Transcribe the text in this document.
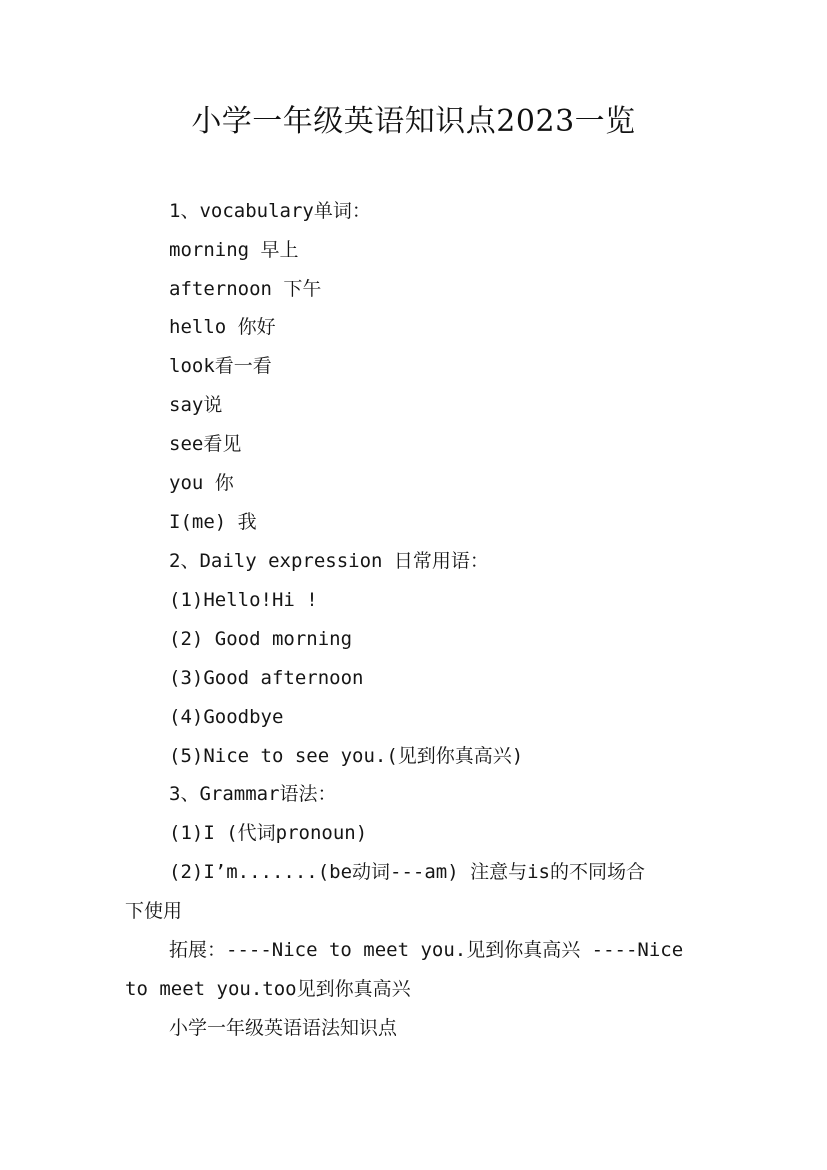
小学一年级英语知识点2023一览
1、vocabulary单词：
morning 早上
afternoon 下午
hello 你好
look看一看
say说
see看见
you 你
I(me) 我
2、Daily expression 日常用语：
(1)Hello!Hi !
(2) Good morning
(3)Good afternoon
(4)Goodbye
(5)Nice to see you.(见到你真高兴)
3、Grammar语法：
(1)I (代词pronoun)
(2)I’m.......(be动词---am) 注意与is的不同场合
下使用
拓展：----Nice to meet you.见到你真高兴 ----Nice
to meet you.too见到你真高兴
小学一年级英语语法知识点
